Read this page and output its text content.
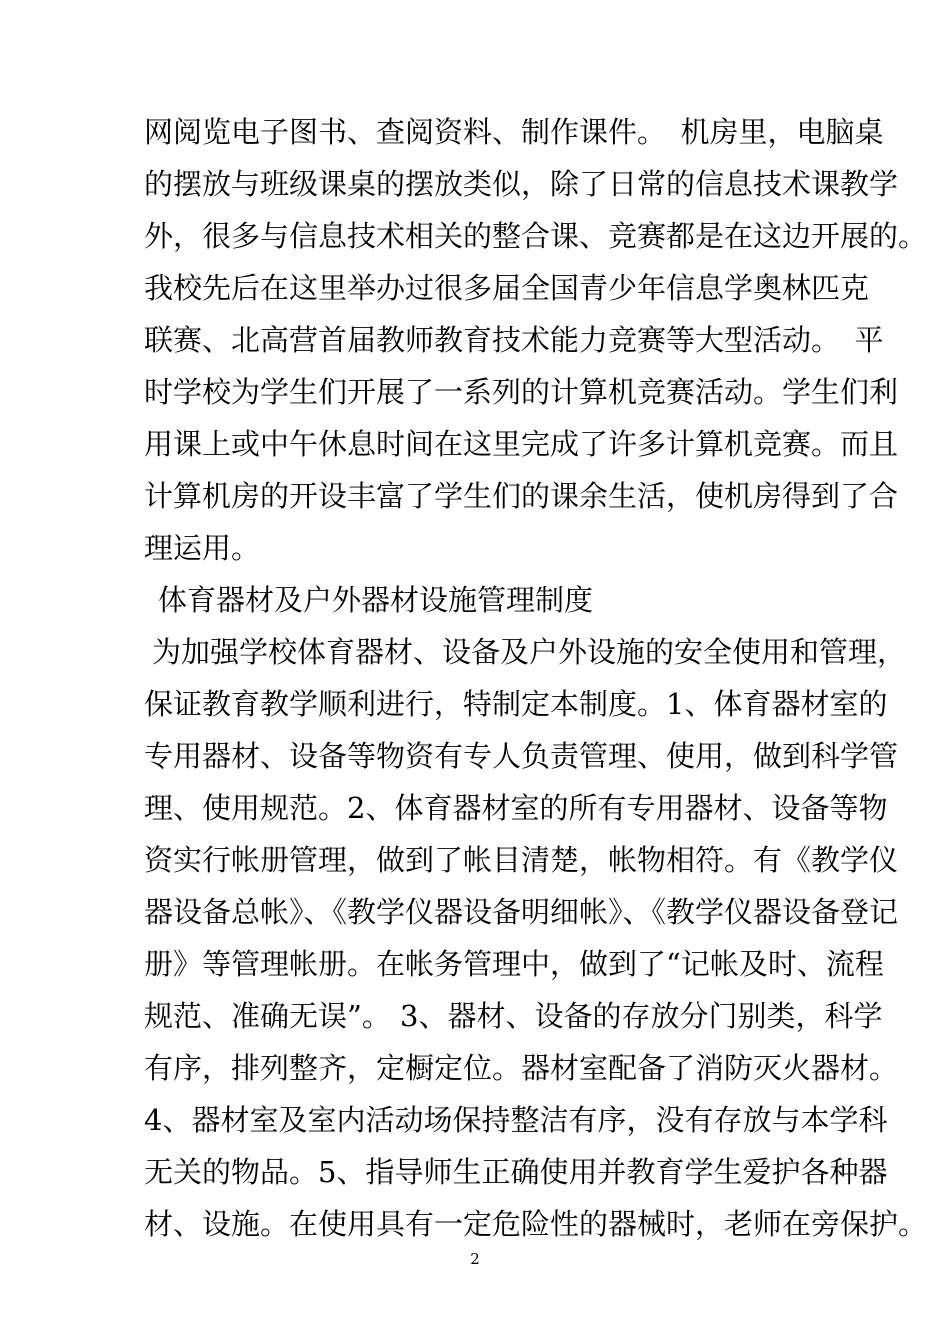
网阅览电子图书、查阅资料、制作课件。　机房里，电脑桌
的摆放与班级课桌的摆放类似，除了日常的信息技术课教学
外，很多与信息技术相关的整合课、竞赛都是在这边开展的。
我校先后在这里举办过很多届全国青少年信息学奥林匹克
联赛、北高营首届教师教育技术能力竞赛等大型活动。　平
时学校为学生们开展了一系列的计算机竞赛活动。学生们利
用课上或中午休息时间在这里完成了许多计算机竞赛。而且
计算机房的开设丰富了学生们的课余生活，使机房得到了合
理运用。
体育器材及户外器材设施管理制度
为加强学校体育器材、设备及户外设施的安全使用和管理，
保证教育教学顺利进行，特制定本制度。1、体育器材室的
专用器材、设备等物资有专人负责管理、使用，做到科学管
理、使用规范。2、体育器材室的所有专用器材、设备等物
资实行帐册管理，做到了帐目清楚，帐物相符。有《教学仪
器设备总帐》、《教学仪器设备明细帐》、《教学仪器设备登记
册》等管理帐册。在帐务管理中，做到了“记帐及时、流程
规范、准确无误”。 3、器材、设备的存放分门别类，科学
有序，排列整齐，定橱定位。器材室配备了消防灭火器材。
4、器材室及室内活动场保持整洁有序，没有存放与本学科
无关的物品。5、指导师生正确使用并教育学生爱护各种器
材、设施。在使用具有一定危险性的器械时，老师在旁保护。
2
